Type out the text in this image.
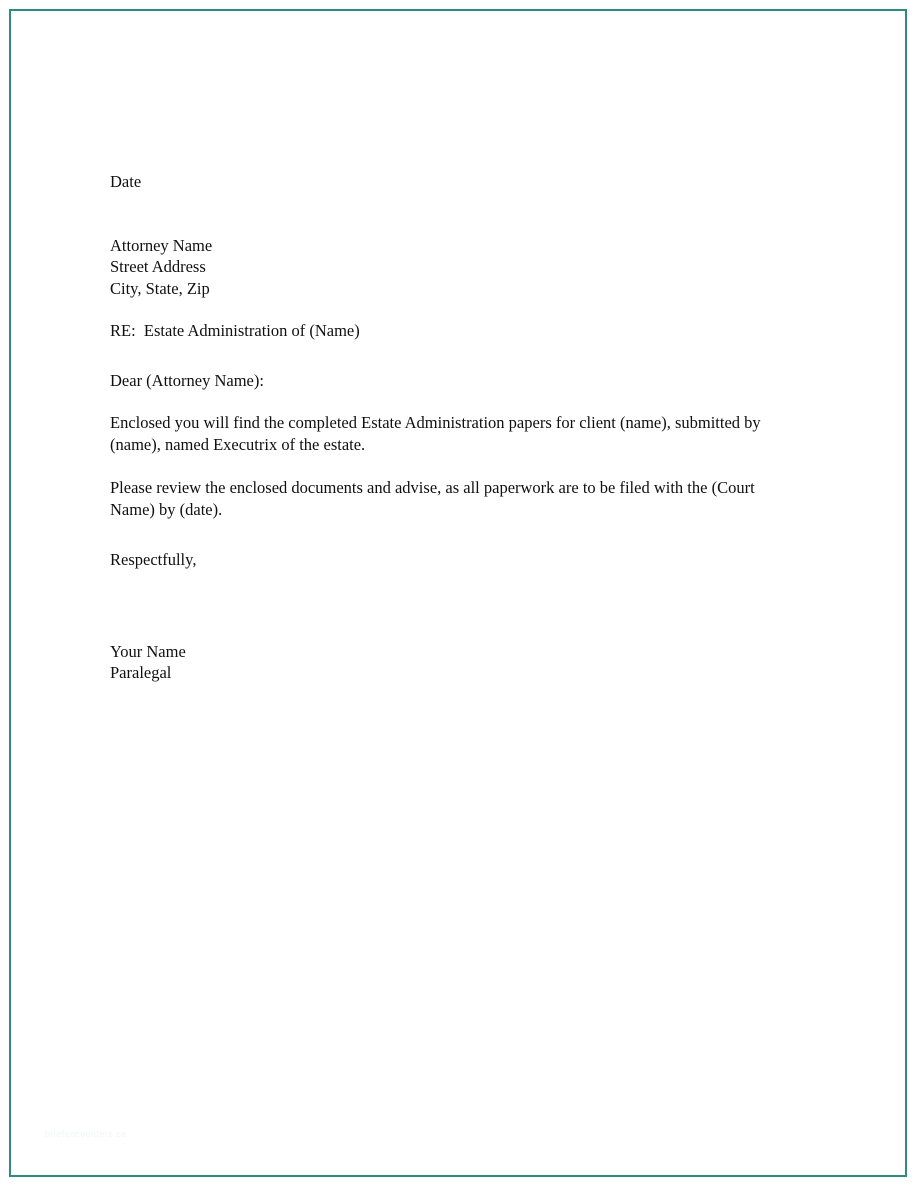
Date
Attorney Name
Street Address
City, State, Zip
RE:  Estate Administration of (Name)
Dear (Attorney Name):
Enclosed you will find the completed Estate Administration papers for client (name), submitted by (name), named Executrix of the estate.
Please review the enclosed documents and advise, as all paperwork are to be filed with the (Court Name) by (date).
Respectfully,
Your Name
Paralegal
briefencounters.ca
